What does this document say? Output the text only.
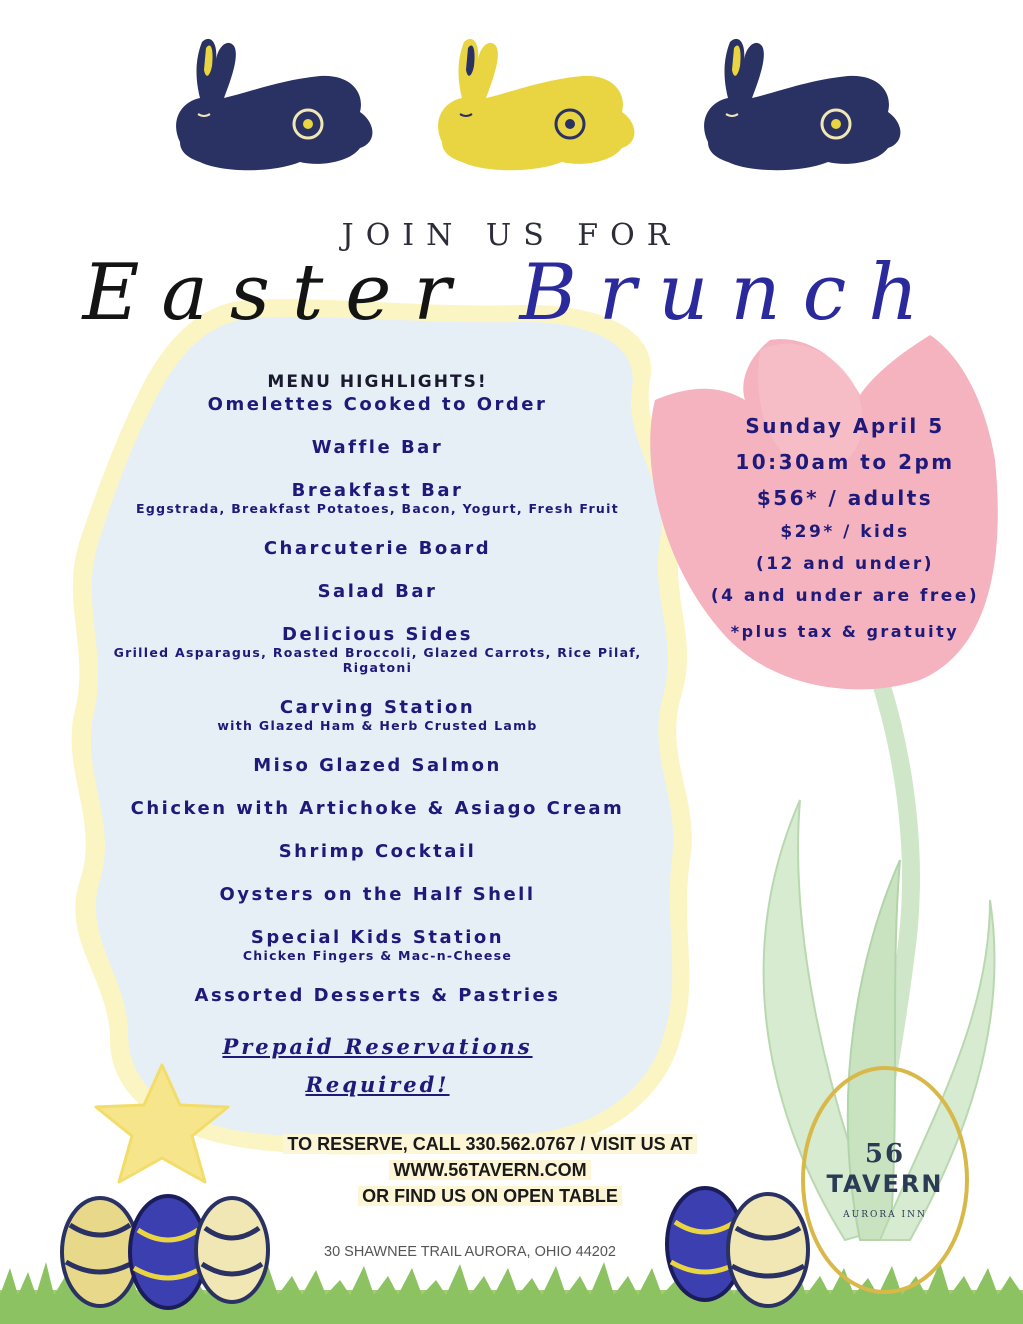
JOIN US FOR
Easter Brunch
MENU HIGHLIGHTS!
Omelettes Cooked to Order
Waffle Bar
Breakfast Bar
Eggstrada, Breakfast Potatoes, Bacon, Yogurt, Fresh Fruit
Charcuterie Board
Salad Bar
Delicious Sides
Grilled Asparagus, Roasted Broccoli, Glazed Carrots, Rice Pilaf, Rigatoni
Carving Station
with Glazed Ham & Herb Crusted Lamb
Miso Glazed Salmon
Chicken with Artichoke & Asiago Cream
Shrimp Cocktail
Oysters on the Half Shell
Special Kids Station
Chicken Fingers & Mac-n-Cheese
Assorted Desserts & Pastries
Prepaid Reservations
Required!
Sunday April 5
10:30am to 2pm
$56* / adults
$29* / kids
(12 and under)
(4 and under are free)
*plus tax & gratuity
TO RESERVE, CALL 330.562.0767 / VISIT US AT
WWW.56TAVERN.COM
OR FIND US ON OPEN TABLE
30 SHAWNEE TRAIL AURORA, OHIO 44202
56
TAVERN
AURORA INN
